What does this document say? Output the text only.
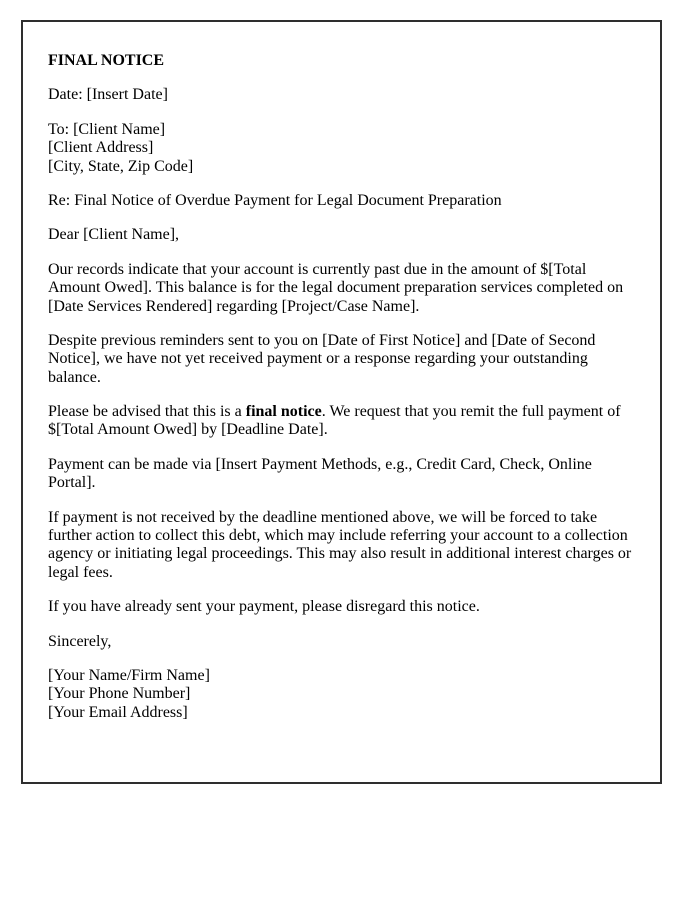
FINAL NOTICE

Date: [Insert Date]

To: [Client Name]
[Client Address]
[City, State, Zip Code]

Re: Final Notice of Overdue Payment for Legal Document Preparation

Dear [Client Name],

Our records indicate that your account is currently past due in the amount of $[Total Amount Owed]. This balance is for the legal document preparation services completed on [Date Services Rendered] regarding [Project/Case Name].

Despite previous reminders sent to you on [Date of First Notice] and [Date of Second Notice], we have not yet received payment or a response regarding your outstanding balance.

Please be advised that this is a final notice. We request that you remit the full payment of $[Total Amount Owed] by [Deadline Date].

Payment can be made via [Insert Payment Methods, e.g., Credit Card, Check, Online Portal].

If payment is not received by the deadline mentioned above, we will be forced to take further action to collect this debt, which may include referring your account to a collection agency or initiating legal proceedings. This may also result in additional interest charges or legal fees.

If you have already sent your payment, please disregard this notice.

Sincerely,

[Your Name/Firm Name]
[Your Phone Number]
[Your Email Address]
